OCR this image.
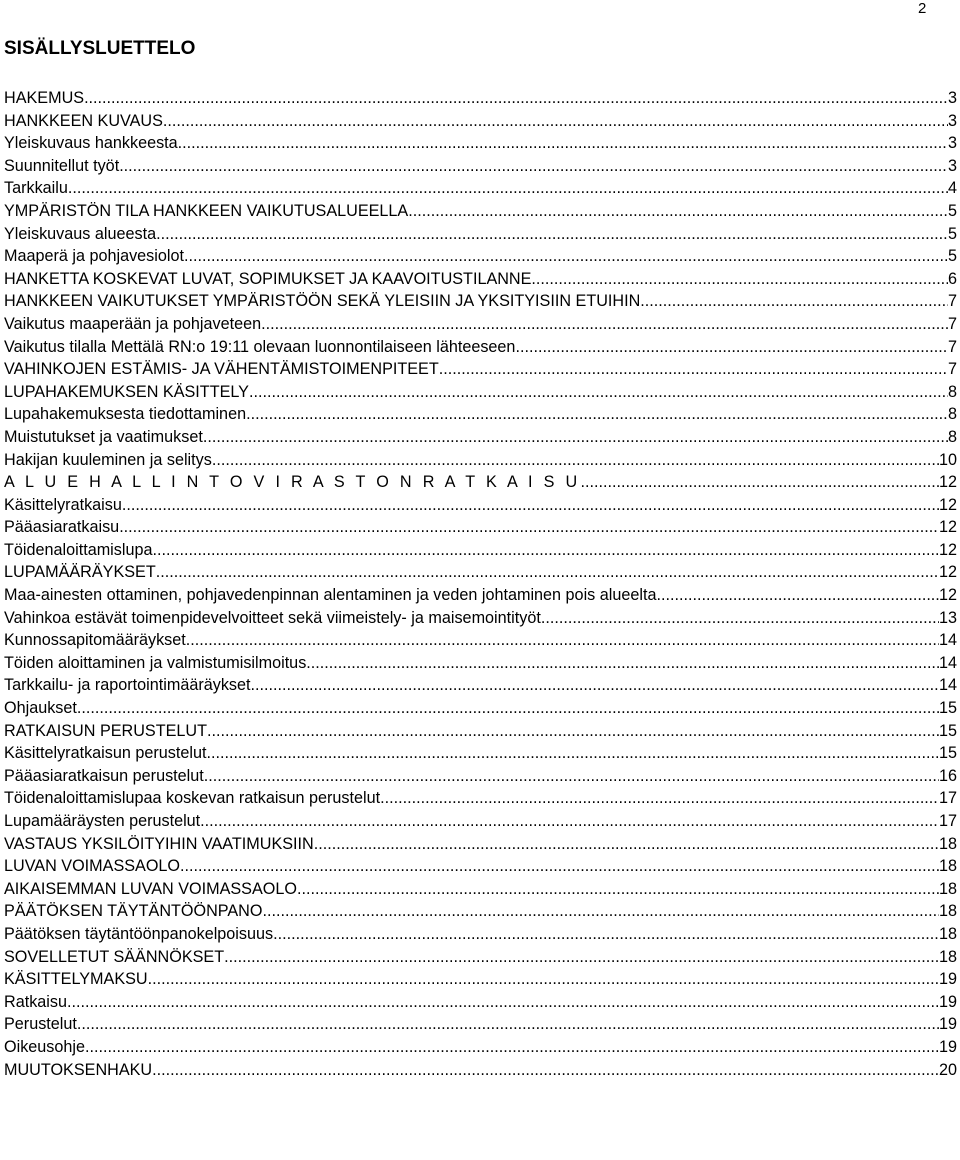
2
SISÄLLYSLUETTELO
HAKEMUS .....	3
HANKKEEN KUVAUS .....	3
Yleiskuvaus hankkeesta .....	3
Suunnitellut työt .....	3
Tarkkailu .....	4
YMPÄRISTÖN TILA HANKKEEN VAIKUTUSALUEELLA .....	5
Yleiskuvaus alueesta .....	5
Maaperä ja pohjavesiolot .....	5
HANKETTA KOSKEVAT LUVAT, SOPIMUKSET JA KAAVOITUSTILANNE .....	6
HANKKEEN VAIKUTUKSET YMPÄRISTÖÖN SEKÄ YLEISIIN JA YKSITYISIIN ETUIHIN .....	7
Vaikutus maaperään ja pohjaveteen .....	7
Vaikutus tilalla Mettälä RN:o 19:11 olevaan luonnontilaiseen lähteeseen .....	7
VAHINKOJEN ESTÄMIS- JA VÄHENTÄMISTOIMENPITEET .....	7
LUPAHAKEMUKSEN KÄSITTELY .....	8
Lupahakemuksesta tiedottaminen .....	8
Muistutukset ja vaatimukset .....	8
Hakijan kuuleminen ja selitys .....	10
A L U E H A L L I N T O V I R A S T O N R A T K A I S U .....	12
Käsittelyratkaisu .....	12
Pääasiaratkaisu .....	12
Töidenaloittamislupa .....	12
LUPAMÄÄRÄYKSET .....	12
Maa-ainesten ottaminen, pohjavedenpinnan alentaminen ja veden johtaminen pois alueelta .....	12
Vahinkoa estävät toimenpidevelvoitteet sekä viimeistely- ja maisemointityöt .....	13
Kunnossapitomääräykset .....	14
Töiden aloittaminen ja valmistumisilmoitus .....	14
Tarkkailu- ja raportointimääräykset .....	14
Ohjaukset .....	15
RATKAISUN PERUSTELUT .....	15
Käsittelyratkaisun perustelut .....	15
Pääasiaratkaisun perustelut .....	16
Töidenaloittamislupaa koskevan ratkaisun perustelut .....	17
Lupamääräysten perustelut .....	17
VASTAUS YKSILÖITYIHIN VAATIMUKSIIN .....	18
LUVAN VOIMASSAOLO .....	18
AIKAISEMMAN LUVAN VOIMASSAOLO .....	18
PÄÄTÖKSEN TÄYTÄNTÖÖNPANO .....	18
Päätöksen täytäntöönpanokelpoisuus .....	18
SOVELLETUT SÄÄNNÖKSET .....	18
KÄSITTELYMAKSU .....	19
Ratkaisu .....	19
Perustelut .....	19
Oikeusohje .....	19
MUUTOKSENHAKU .....	20
